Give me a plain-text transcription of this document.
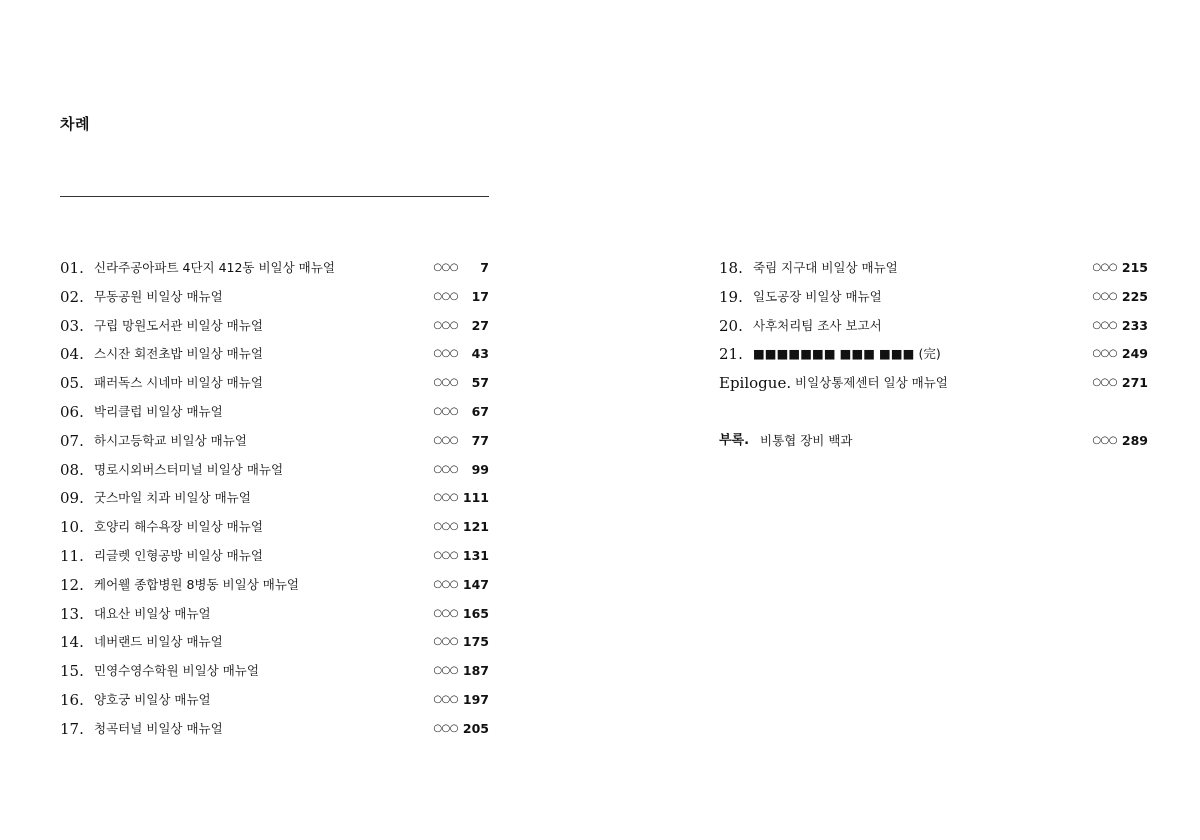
차례
01. 신라주공아파트 4단지 412동 비일상 매뉴얼	○○○ 7
02. 무동공원 비일상 매뉴얼	○○○ 17
03. 구립 망원도서관 비일상 매뉴얼	○○○ 27
04. 스시잔 회전초밥 비일상 매뉴얼	○○○ 43
05. 패러독스 시네마 비일상 매뉴얼	○○○ 57
06. 박리클럽 비일상 매뉴얼	○○○ 67
07. 하시고등학교 비일상 매뉴얼	○○○ 77
08. 명로시외버스터미널 비일상 매뉴얼	○○○ 99
09. 굿스마일 치과 비일상 매뉴얼	○○○ 111
10. 호양리 해수욕장 비일상 매뉴얼	○○○ 121
11. 리글렛 인형공방 비일상 매뉴얼	○○○ 131
12. 케어웰 종합병원 8병동 비일상 매뉴얼	○○○ 147
13. 대요산 비일상 매뉴얼	○○○ 165
14. 네버랜드 비일상 매뉴얼	○○○ 175
15. 민영수영수학원 비일상 매뉴얼	○○○ 187
16. 양호궁 비일상 매뉴얼	○○○ 197
17. 청곡터널 비일상 매뉴얼	○○○ 205
18. 죽림 지구대 비일상 매뉴얼	○○○ 215
19. 일도공장 비일상 매뉴얼	○○○ 225
20. 사후처리팀 조사 보고서	○○○ 233
21. ■■■■■■■ ■■■ ■■■ (完)	○○○ 249
Epilogue. 비일상통제센터 일상 매뉴얼	○○○ 271
부록. 비통협 장비 백과	○○○ 289
